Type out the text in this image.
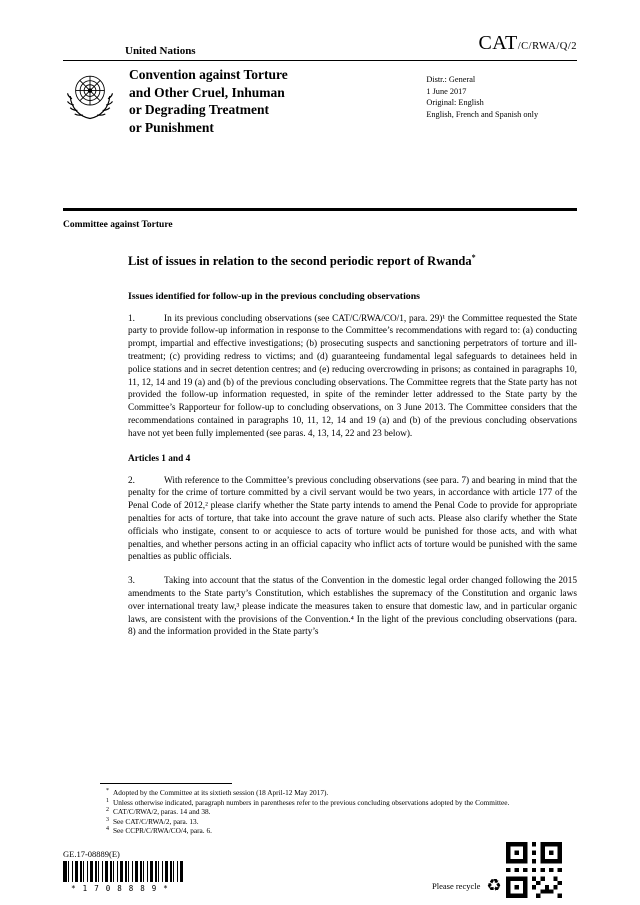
United Nations	CAT/C/RWA/Q/2
Convention against Torture
and Other Cruel, Inhuman
or Degrading Treatment
or Punishment
Distr.: General
1 June 2017
Original: English
English, French and Spanish only
Committee against Torture
List of issues in relation to the second periodic report of Rwanda*
Issues identified for follow-up in the previous concluding observations

1.	In its previous concluding observations (see CAT/C/RWA/CO/1, para. 29)¹ the Committee requested the State party to provide follow-up information in response to the Committee’s recommendations with regard to: (a) conducting prompt, impartial and effective investigations; (b) prosecuting suspects and sanctioning perpetrators of torture and ill-treatment; (c) providing redress to victims; and (d) guaranteeing fundamental legal safeguards to detainees held in police stations and in secret detention centres; and (e) reducing overcrowding in prisons; as contained in paragraphs 10, 11, 12, 14 and 19 (a) and (b) of the previous concluding observations. The Committee regrets that the State party has not provided the follow-up information requested, in spite of the reminder letter addressed to the State party by the Committee’s Rapporteur for follow-up to concluding observations, on 3 June 2013. The Committee considers that the recommendations contained in paragraphs 10, 11, 12, 14 and 19 (a) and (b) of the previous concluding observations have not yet been fully implemented (see paras. 4, 13, 14, 22 and 23 below).

Articles 1 and 4

2.	With reference to the Committee’s previous concluding observations (see para. 7) and bearing in mind that the penalty for the crime of torture committed by a civil servant would be two years, in accordance with article 177 of the Penal Code of 2012,² please clarify whether the State party intends to amend the Penal Code to provide for appropriate penalties for acts of torture, that take into account the grave nature of such acts. Please also clarify whether the State officials who instigate, consent to or acquiesce to acts of torture would be punished for those acts, and with what penalties, and whether persons acting in an official capacity who inflict acts of torture would be punished with the same penalties as public officials.

3.	Taking into account that the status of the Convention in the domestic legal order changed following the 2015 amendments to the State party’s Constitution, which establishes the supremacy of the Constitution and organic laws over international treaty law,³ please indicate the measures taken to ensure that domestic law, and in particular organic laws, are consistent with the provisions of the Convention.⁴ In the light of the previous concluding observations (para. 8) and the information provided in the State party’s

* Adopted by the Committee at its sixtieth session (18 April-12 May 2017).
1 Unless otherwise indicated, paragraph numbers in parentheses refer to the previous concluding observations adopted by the Committee.
2 CAT/C/RWA/2, paras. 14 and 38.
3 See CAT/C/RWA/2, para. 13.
4 See CCPR/C/RWA/CO/4, para. 6.
GE.17-08889(E)
*1708889*	Please recycle ♻
